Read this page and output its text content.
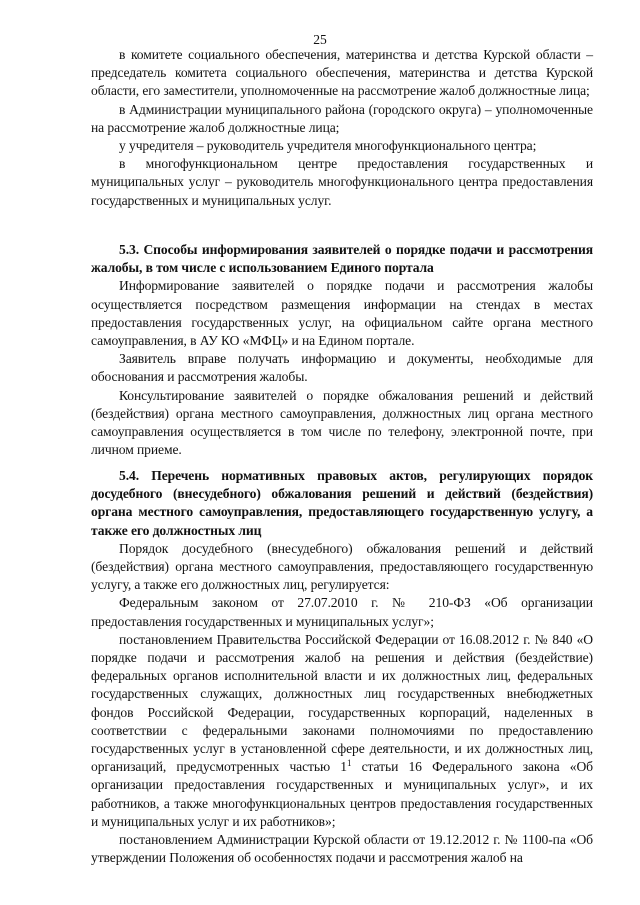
25

в комитете социального обеспечения, материнства и детства Курской области – председатель комитета социального обеспечения, материнства и детства Курской области, его заместители, уполномоченные на рассмотрение жалоб должностные лица;

в Администрации муниципального района (городского округа) – уполномоченные на рассмотрение жалоб должностные лица;

у учредителя – руководитель учредителя многофункционального центра;

в многофункциональном центре предоставления государственных и муниципальных услуг – руководитель многофункционального центра предоставления государственных и муниципальных услуг.

5.3. Способы информирования заявителей о порядке подачи и рассмотрения жалобы, в том числе с использованием Единого портала

Информирование заявителей о порядке подачи и рассмотрения жалобы осуществляется посредством размещения информации на стендах в местах предоставления государственных услуг, на официальном сайте органа местного самоуправления, в АУ КО «МФЦ» и на Едином портале.

Заявитель вправе получать информацию и документы, необходимые для обоснования и рассмотрения жалобы.

Консультирование заявителей о порядке обжалования решений и действий (бездействия) органа местного самоуправления, должностных лиц органа местного самоуправления осуществляется в том числе по телефону, электронной почте, при личном приеме.

5.4. Перечень нормативных правовых актов, регулирующих порядок досудебного (внесудебного) обжалования решений и действий (бездействия) органа местного самоуправления, предоставляющего государственную услугу, а также его должностных лиц

Порядок досудебного (внесудебного) обжалования решений и действий (бездействия) органа местного самоуправления, предоставляющего государственную услугу, а также его должностных лиц, регулируется:

Федеральным законом от 27.07.2010 г. № 210-ФЗ «Об организации предоставления государственных и муниципальных услуг»;

постановлением Правительства Российской Федерации от 16.08.2012 г. № 840 «О порядке подачи и рассмотрения жалоб на решения и действия (бездействие) федеральных органов исполнительной власти и их должностных лиц, федеральных государственных служащих, должностных лиц государственных внебюджетных фондов Российской Федерации, государственных корпораций, наделенных в соответствии с федеральными законами полномочиями по предоставлению государственных услуг в установленной сфере деятельности, и их должностных лиц, организаций, предусмотренных частью $1^1$ статьи 16 Федерального закона «Об организации предоставления государственных и муниципальных услуг», и их работников, а также многофункциональных центров предоставления государственных и муниципальных услуг и их работников»;

постановлением Администрации Курской области от 19.12.2012 г. № 1100-па «Об утверждении Положения об особенностях подачи и рассмотрения жалоб на
